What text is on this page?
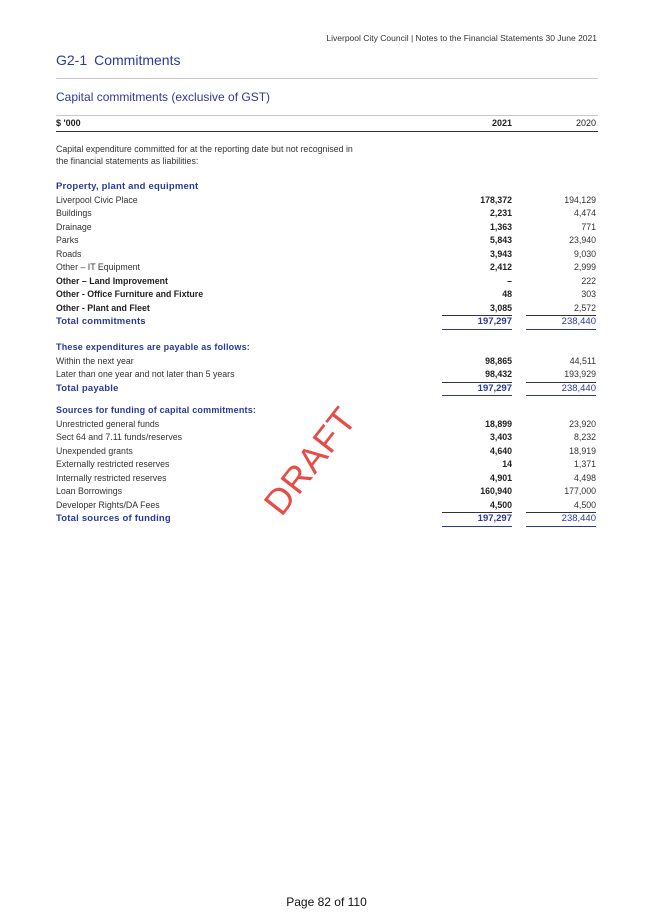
Liverpool City Council | Notes to the Financial Statements 30 June 2021
G2-1 Commitments
Capital commitments (exclusive of GST)
$ '000	2021	2020
Capital expenditure committed for at the reporting date but not recognised in the financial statements as liabilities:
Property, plant and equipment
Liverpool Civic Place	178,372	194,129
Buildings	2,231	4,474
Drainage	1,363	771
Parks	5,843	23,940
Roads	3,943	9,030
Other – IT Equipment	2,412	2,999
Other – Land Improvement	–	222
Other - Office Furniture and Fixture	48	303
Other - Plant and Fleet	3,085	2,572
Total commitments	197,297	238,440
These expenditures are payable as follows:
Within the next year	98,865	44,511
Later than one year and not later than 5 years	98,432	193,929
Total payable	197,297	238,440
Sources for funding of capital commitments:
Unrestricted general funds	18,899	23,920
Sect 64 and 7.11 funds/reserves	3,403	8,232
Unexpended grants	4,640	18,919
Externally restricted reserves	14	1,371
Internally restricted reserves	4,901	4,498
Loan Borrowings	160,940	177,000
Developer Rights/DA Fees	4,500	4,500
Total sources of funding	197,297	238,440
DRAFT
Page 82 of 110
